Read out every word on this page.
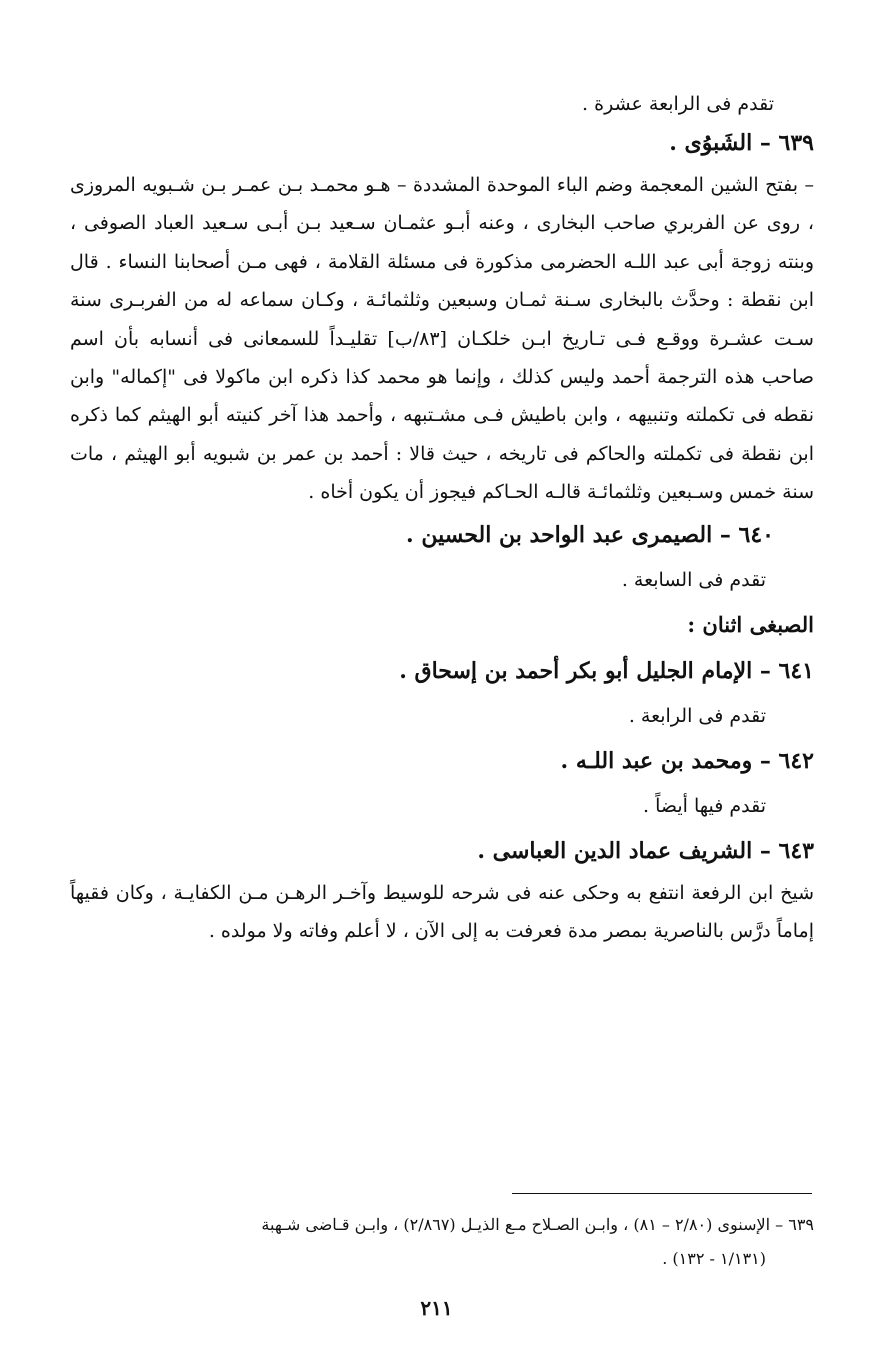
تقدم فى الرابعة عشرة .

٦٣٩ – الشَبوُى .

– بفتح الشين المعجمة وضم الباء الموحدة المشددة – هـو محمـد بـن عمـر بـن شـبويه المروزى ، روى عن الفربري صاحب البخارى ، وعنه أبـو عثمـان سـعيد بـن أبـى سـعيد العباد الصوفى ، وبنته زوجة أبى عبد اللـه الحضرمى مذكورة فى مسئلة القلامة ، فهى مـن أصحابنا النساء . قال ابن نقطة : وحدَّث بالبخارى سـنة ثمـان وسبعين وثلثمائـة ، وكـان سماعه له من الفربـرى سنة سـت عشـرة ووقـع فـى تـاريخ ابـن خلكـان [٨٣/ب] تقليـداً للسمعانى فى أنسابه بأن اسم صاحب هذه الترجمة أحمد وليس كذلك ، وإنما هو محمد كذا ذكره ابن ماكولا فى "إكماله" وابن نقطه فى تكملته وتنبيهه ، وابن باطيش فـى مشـتبهه ، وأحمد هذا آخر كنيته أبو الهيثم كما ذكره ابن نقطة فى تكملته والحاكم فى تاريخه ، حيث قالا : أحمد بن عمر بن شبويه أبو الهيثم ، مات سنة خمس وسـبعين وثلثمائـة قالـه الحـاكم فيجوز أن يكون أخاه .

٦٤٠ – الصيمرى عبد الواحد بن الحسين .

تقدم فى السابعة .
الصبغى اثنان :

٦٤١ – الإمام الجليل أبو بكر أحمد بن إسحاق .

تقدم فى الرابعة .

٦٤٢ – ومحمد بن عبد اللـه .

تقدم فيها أيضاً .

٦٤٣ – الشريف عماد الدين العباسى .

شيخ ابن الرفعة انتفع به وحكى عنه فى شرحه للوسيط وآخـر الرهـن مـن الكفايـة ، وكان فقيهاً إماماً درَّس بالناصرية بمصر مدة فعرفت به إلى الآن ، لا أعلم وفاته ولا مولده .

٦٣٩ – الإسنوى (٢/٨٠ – ٨١) ، وابـن الصـلاح مـع الذيـل (٢/٨٦٧) ، وابـن قـاضى شـهبة

(١/١٣١ - ١٣٢) .

٢١١
